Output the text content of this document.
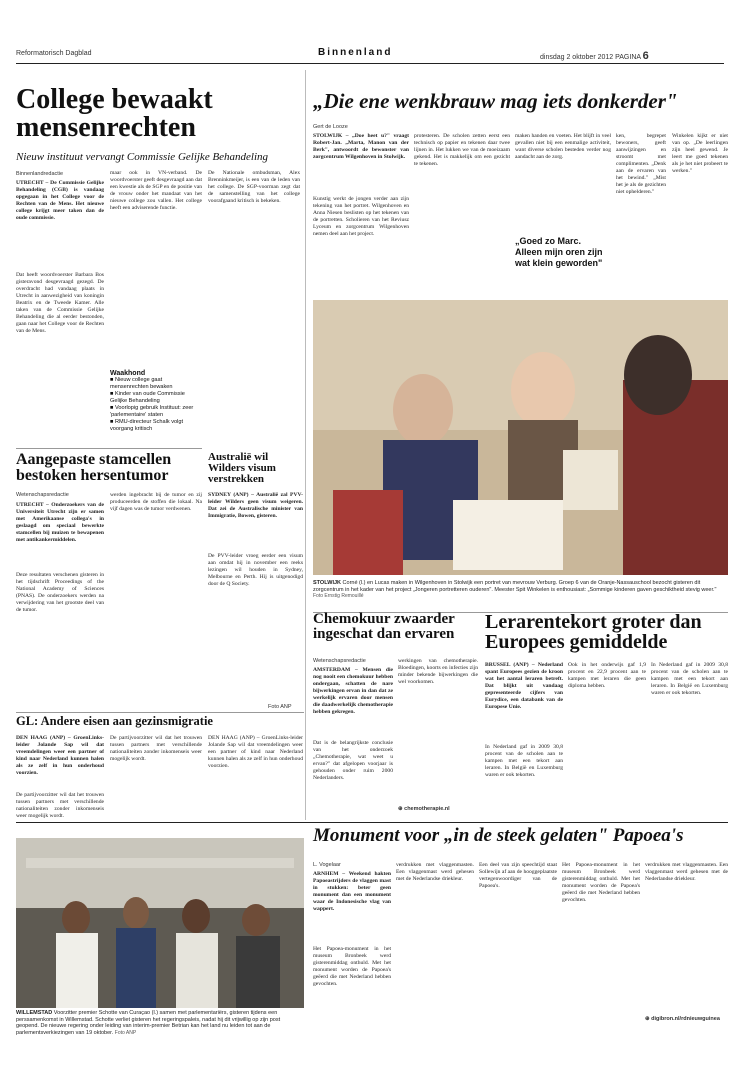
Reformatorisch Dagblad	Binnenland	dinsdag 2 oktober 2012 PAGINA 6
College bewaakt mensenrechten
Nieuw instituut vervangt Commissie Gelijke Behandeling
Binnenlandredactie
UTRECHT – De Commissie Gelijke Behandeling (CGB) is vandaag opgegaan in het College voor de Rechten van de Mens. Het nieuwe college krijgt meer taken dan de oude commissie.
Dat heeft woordvoerster Barbara Bos gisteravond desgevraagd gezegd. De overdracht had vandaag plaats in Utrecht in aanwezigheid van koningin Beatrix en de Tweede Kamer. Alle taken van de Commissie Gelijke Behandeling die al eerder bestonden, gaan naar het College voor de Rechten van de Mens.
maar ook in VN-verband. De woordvoerster geeft desgevraagd aan dat een kwestie als de SGP en de positie van de vrouw onder het mandaat van het nieuwe college zou vallen. Het college heeft een adviserende functie.
De Nationale ombudsman, Alex Brenninkmeijer, is een van de leden van het college. De SGP-voorman zegt dat de samenstelling van het college voorafgaand kritisch is bekeken.
Waakhond
■ Nieuw college gaat mensenrechten bewaken
■ Kinder van oude Commissie Gelijke Behandeling
■ Voorlopig gebruik Instituut: zeer 'parlementaire' staten
■ RMU-directeur Schalk volgt voorgang kritisch
„Die ene wenkbrauw mag iets donkerder"
Gert de Looze
STOLWIJK – „Doe heet u?" vraagt Robert-Jan. „Marta, Manon van der Berk", antwoordt de bewonster van zorgcentrum Wilgenhoven in Stolwijk.
Kunstig werkt de jongen verder aan zijn tekening van het portret. Wilgenhoven en Anna Niesen beslisten op het tekenen van de portretten. Scholieren van het Reviusz Lyceum en zorgcentrum Wilgenhoven nemen deel aan het project.
protesteren. De scholen zetten eerst een technisch op papier en tekenen daar twee lijnen in. Het lukken we van de moeizaam gekend. Het is makkelijk om een gezicht te tekenen.
maken handen en voeten. Het blijft in veel gevallen niet bij een eenmalige activiteit, want diverse scholen besteden verder nog aandacht aan de zorg.
„Goed zo Marc. Alleen mijn oren zijn wat klein geworden"
ken, begrepet bewoners, geeft aanwijzingen en stroomt met complimenten. „Denk aan de ervaren van het bewind." „Mist het je als de gezichten niet ophelderen."
Winkelen kijkt er niet van op. „De leerlingen zijn heel gewend. Je leert me goed tekenen als je het niet probeert te werken."
STOLWIJK Corné (l.) en Lucas maken in Wilgenhoven in Stolwijk een portret van mevrouw Verburg. Groep 6 van de Oranje-Nassauschool bezocht gisteren dit zorgcentrum in het kader van het project „Jongeren portretteren ouderen". Meester Spit Winkelen is enthousiast: „Sommige kinderen gaven geschiktheid stevig weer." Foto Ernstig Remouillé
Aangepaste stamcellen bestoken hersentumor
Wetenschapsredactie
UTRECHT – Onderzoekers van de Universiteit Utrecht zijn er samen met Amerikaanse collega's in geslaagd om speciaal bewerkte stamcellen bij muizen te bewapenen met antikankermiddelen.
Deze resultaten verschenen gisteren in het tijdschrift Proceedings of the National Academy of Sciences (PNAS). De onderzoekers werden na verwijdering van het grootste deel van de tumor.
werden ingebracht bij de tumor en zij produceerden de stoffen die lokaal. Na vijf dagen was de tumor verdwenen.
Australië wil Wilders visum verstrekken
SYDNEY (ANP) – Australië zal PVV-leider Wilders geen visum weigeren. Dat zei de Australische minister van Immigratie, Bowen, gisteren.
De PVV-leider vroeg eerder een visum aan omdat hij in november een reeks lezingen wil houden in Sydney, Melbourne en Perth. Hij is uitgenodigd door de Q Society.
Foto ANP
Chemokuur zwaarder ingeschat dan ervaren
Wetenschapsredactie
AMSTERDAM – Mensen die nog nooit een chemokuur hebben ondergaan, schatten de nare bijwerkingen ervan in dan dat ze werkelijk ervaren door mensen die daadwerkelijk chemotherapie hebben gekregen.
Dat is de belangrijkste conclusie van het onderzoek „Chemotherapie, wat weet u ervan?" dat afgelopen voorjaar is gehouden onder ruim 2000 Nederlanders.
werkingen van chemotherapie. Bloedingen, koorts en infecties zijn minder bekende bijwerkingen die wel voorkomen.
⊕ chemotherapie.nl
Lerarentekort groter dan Europees gemiddelde
BRUSSEL (ANP) – Nederland spant Europees gezien de kroon wat het aantal leraren betreft. Dat blijkt uit vandaag gepresenteerde cijfers van Eurydice, een databank van de Europese Unie.
In Nederland gaf in 2009 30,8 procent van de scholen aan te kampen met een tekort aan leraren. In België en Luxemburg waren er ook tekorten.
Ook in het onderwijs gaf 1,9 procent en 22,9 procent aan te kampen met leraren die geen diploma hebben.
In Nederland gaf in 2009 30,8 procent van de scholen aan te kampen met een tekort aan leraren. In België en Luxemburg waren er ook tekorten.
GL: Andere eisen aan gezinsmigratie
DEN HAAG (ANP) – GroenLinks-leider Jolande Sap wil dat vreemdelingen weer een partner of kind naar Nederland kunnen halen als ze zelf in hun onderhoud voorzien.
De partijvoorzitter wil dat het trouwen tussen partners met verschillende nationaliteiten zonder inkomenseis weer mogelijk wordt.
De partijvoorzitter wil dat het trouwen tussen partners met verschillende nationaliteiten zonder inkomenseis weer mogelijk wordt.
DEN HAAG (ANP) – GroenLinks-leider Jolande Sap wil dat vreemdelingen weer een partner of kind naar Nederland kunnen halen als ze zelf in hun onderhoud voorzien.
Monument voor „in de steek gelaten" Papoea's
WILLEMSTAD Voorzitter premier Schotte van Curaçao (l.) samen met parlementariërs, gisteren tijdens een perssamenkomst in Willemstad. Schotte verliet gisteren het regeringspaleis, nadat hij dit vrijwillig op zijn post geopend. De nieuwe regering onder leiding van interim-premier Betrian kan het land nu leiden tot aan de parlementsverkiezingen van 19 oktober. Foto ANP
L. Vogelaar
ARNHEM – Weekend hakten Papoeastrijders de vlaggen mast in stukken: beter geen monument dan een monument waar de Indonesische vlag van wappert.
Het Papoea-monument in het museum Bronbeek werd gisterenmiddag onthuld. Met het monument worden de Papoea's geëerd die met Nederland hebben gevochten.
verdrukken met vlaggenmasten. Een vlaggenmast werd gehesen met de Nederlandse driekleur.
Een deel van zijn speechtijd staat Sollewijn af aan de hooggeplaatste vertegenwoordiger van de Papoea's.
Het Papoea-monument in het museum Bronbeek werd gisterenmiddag onthuld. Met het monument worden de Papoea's geëerd die met Nederland hebben gevochten.
verdrukken met vlaggenmasten. Een vlaggenmast werd gehesen met de Nederlandse driekleur.
⊕ digibron.nl/rdnieuwguinea
